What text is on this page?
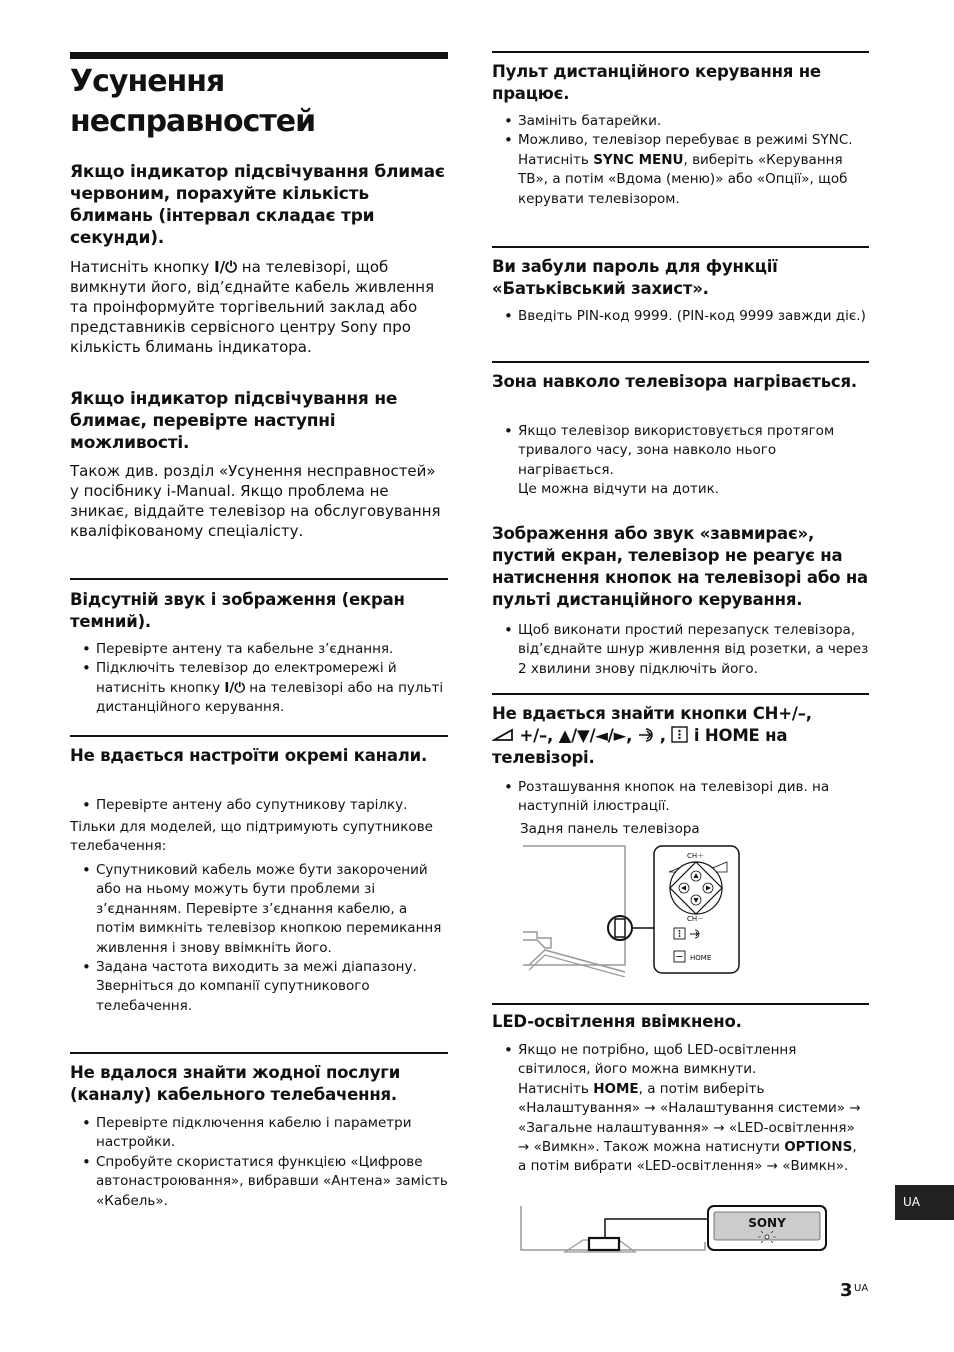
Усунення
несправностей

Якщо індикатор підсвічування блимає червоним, порахуйте кількість блимань (інтервал складає три секунди).

Натисніть кнопку I/⏻ на телевізорі, щоб вимкнути його, від’єднайте кабель живлення та проінформуйте торгівельний заклад або представників сервісного центру Sony про кількість блимань індикатора.

Якщо індикатор підсвічування не блимає, перевірте наступні можливості.

Також див. розділ «Усунення несправностей» у посібнику i-Manual. Якщо проблема не зникає, віддайте телевізор на обслуговування кваліфікованому спеціалісту.

Відсутній звук і зображення (екран темний).

• Перевірте антену та кабельне з’єднання.
• Підключіть телевізор до електромережі й натисніть кнопку I/⏻ на телевізорі або на пульті дистанційного керування.

Не вдається настроїти окремі канали.

• Перевірте антену або супутникову тарілку.

Тільки для моделей, що підтримують супутникове телебачення:

• Супутниковий кабель може бути закорочений або на ньому можуть бути проблеми зі з’єднанням. Перевірте з’єднання кабелю, а потім вимкніть телевізор кнопкою перемикання живлення і знову ввімкніть його.
• Задана частота виходить за межі діапазону. Зверніться до компанії супутникового телебачення.

Не вдалося знайти жодної послуги (каналу) кабельного телебачення.

• Перевірте підключення кабелю і параметри настройки.
• Спробуйте скористатися функцією «Цифрове автонастроювання», вибравши «Антена» замість «Кабель».

Пульт дистанційного керування не працює.

• Замініть батарейки.
• Можливо, телевізор перебуває в режимі SYNC.
Натисніть SYNC MENU, виберіть «Керування ТВ», а потім «Вдома (меню)» або «Опції», щоб керувати телевізором.

Ви забули пароль для функції «Батьківський захист».

• Введіть PIN-код 9999. (PIN-код 9999 завжди діє.)

Зона навколо телевізора нагрівається.

• Якщо телевізор використовується протягом тривалого часу, зона навколо нього нагрівається.
Це можна відчути на дотик.

Зображення або звук «завмирає», пустий екран, телевізор не реагує на натиснення кнопок на телевізорі або на пульті дистанційного керування.

• Щоб виконати простий перезапуск телевізора, від’єднайте шнур живлення від розетки, а через 2 хвилини знову підключіть його.

Не вдається знайти кнопки CH+/–,
+/–, ▲/▼/◄/►, ,  і HOME на
телевізорі.

• Розташування кнопок на телевізорі див. на наступній ілюстрації.

Задня панель телевізора

CH＋
CH－
HOME

LED-освітлення ввімкнено.

• Якщо не потрібно, щоб LED-освітлення світилося, його можна вимкнути.
Натисніть HOME, а потім виберіть «Налаштування» → «Налаштування системи» → «Загальне налаштування» → «LED-освітлення» → «Вимкн». Також можна натиснути OPTIONS, а потім вибрати «LED-освітлення» → «Вимкн».
SONY
UA
3 UA
